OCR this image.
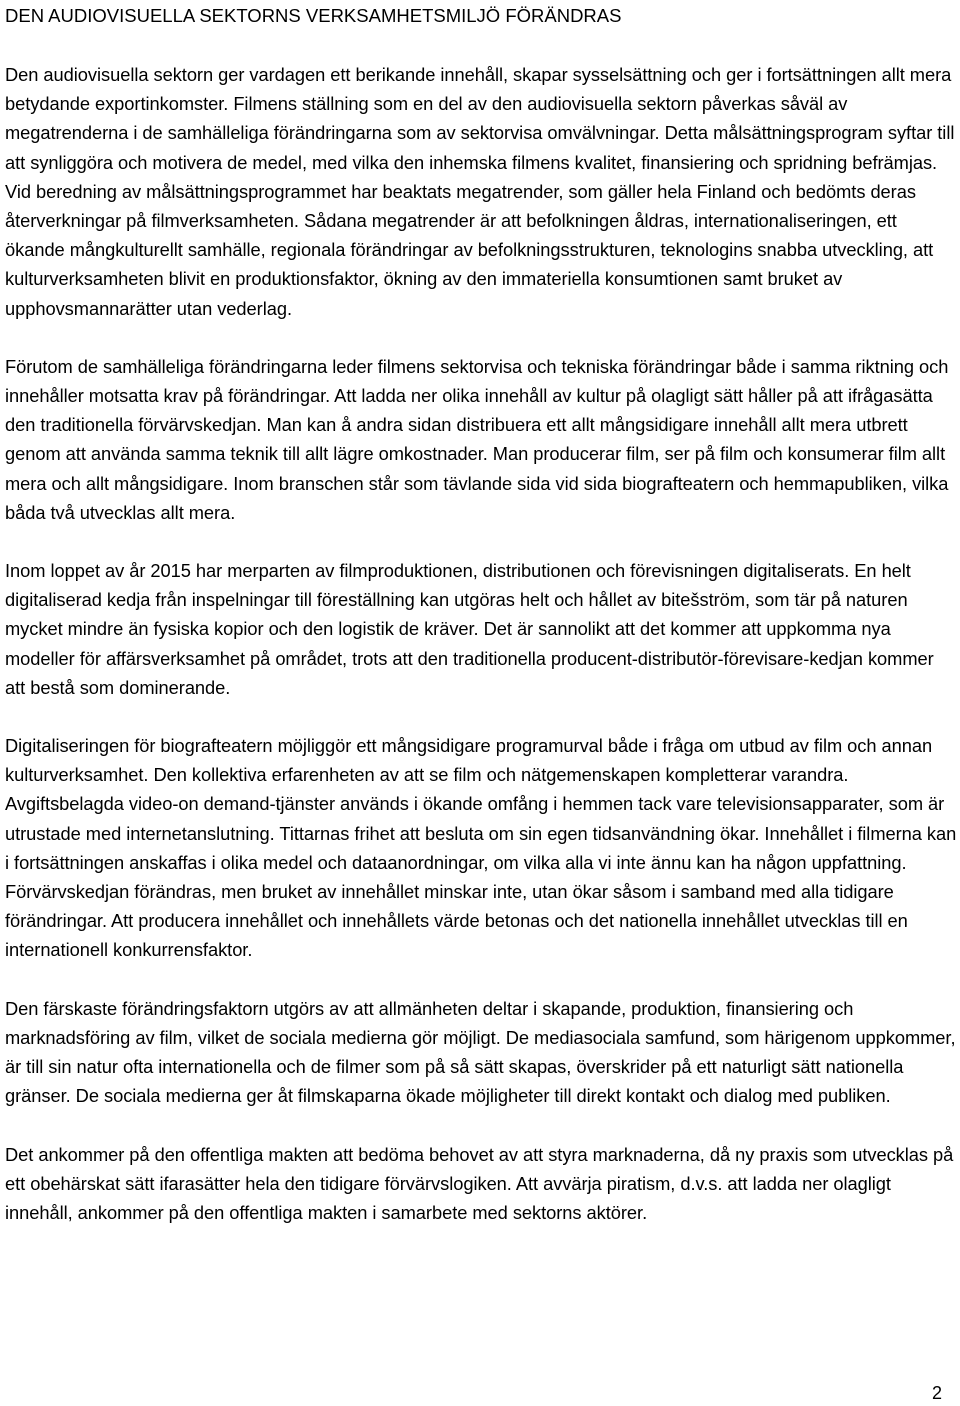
DEN AUDIOVISUELLA SEKTORNS VERKSAMHETSMILJÖ FÖRÄNDRAS

Den audiovisuella sektorn ger vardagen ett berikande innehåll, skapar sysselsättning och ger i fortsättningen allt mera betydande exportinkomster. Filmens ställning som en del av den audiovisuella sektorn påverkas såväl av megatrenderna i de samhälleliga förändringarna som av sektorvisa omvälvningar. Detta målsättningsprogram syftar till att synliggöra och motivera de medel, med vilka den inhemska filmens kvalitet, finansiering och spridning befrämjas. Vid beredning av målsättningsprogrammet har beaktats megatrender, som gäller hela Finland och bedömts deras återverkningar på filmverksamheten. Sådana megatrender är att befolkningen åldras, internationaliseringen, ett ökande mångkulturellt samhälle, regionala förändringar av befolkningsstrukturen, teknologins snabba utveckling, att kulturverksamheten blivit en produktionsfaktor, ökning av den immateriella konsumtionen samt bruket av upphovsmannarätter utan vederlag.

Förutom de samhälleliga förändringarna leder filmens sektorvisa och tekniska förändringar både i samma riktning och innehåller motsatta krav på förändringar. Att ladda ner olika innehåll av kultur på olagligt sätt håller på att ifrågasätta den traditionella förvärvskedjan. Man kan å andra sidan distribuera ett allt mångsidigare innehåll allt mera utbrett genom att använda samma teknik till allt lägre omkostnader. Man producerar film, ser på film och konsumerar film allt mera och allt mångsidigare. Inom branschen står som tävlande sida vid sida biografteatern och hemmapubliken, vilka båda två utvecklas allt mera.

Inom loppet av år 2015 har merparten av filmproduktionen, distributionen och förevisningen digitaliserats. En helt digitaliserad kedja från inspelningar till föreställning kan utgöras helt och hållet av bitešström, som tär på naturen mycket mindre än fysiska kopior och den logistik de kräver. Det är sannolikt att det kommer att uppkomma nya modeller för affärsverksamhet på området, trots att den traditionella producent-distributör-förevisare-kedjan kommer att bestå som dominerande.

Digitaliseringen för biografteatern möjliggör ett mångsidigare programurval både i fråga om utbud av film och annan kulturverksamhet. Den kollektiva erfarenheten av att se film och nätgemenskapen kompletterar varandra. Avgiftsbelagda video-on demand-tjänster används i ökande omfång i hemmen tack vare televisionsapparater, som är utrustade med internetanslutning. Tittarnas frihet att besluta om sin egen tidsanvändning ökar. Innehållet i filmerna kan i fortsättningen anskaffas i olika medel och dataanordningar, om vilka alla vi inte ännu kan ha någon uppfattning. Förvärvskedjan förändras, men bruket av innehållet minskar inte, utan ökar såsom i samband med alla tidigare förändringar. Att producera innehållet och innehållets värde betonas och det nationella innehållet utvecklas till en internationell konkurrensfaktor.

Den färskaste förändringsfaktorn utgörs av att allmänheten deltar i skapande, produktion, finansiering och marknadsföring av film, vilket de sociala medierna gör möjligt. De mediasociala samfund, som härigenom uppkommer, är till sin natur ofta internationella och de filmer som på så sätt skapas, överskrider på ett naturligt sätt nationella gränser. De sociala medierna ger åt filmskaparna ökade möjligheter till direkt kontakt och dialog med publiken.

Det ankommer på den offentliga makten att bedöma behovet av att styra marknaderna, då ny praxis som utvecklas på ett obehärskat sätt ifarasätter hela den tidigare förvärvslogiken. Att avvärja piratism, d.v.s. att ladda ner olagligt innehåll, ankommer på den offentliga makten i samarbete med sektorns aktörer.

2
